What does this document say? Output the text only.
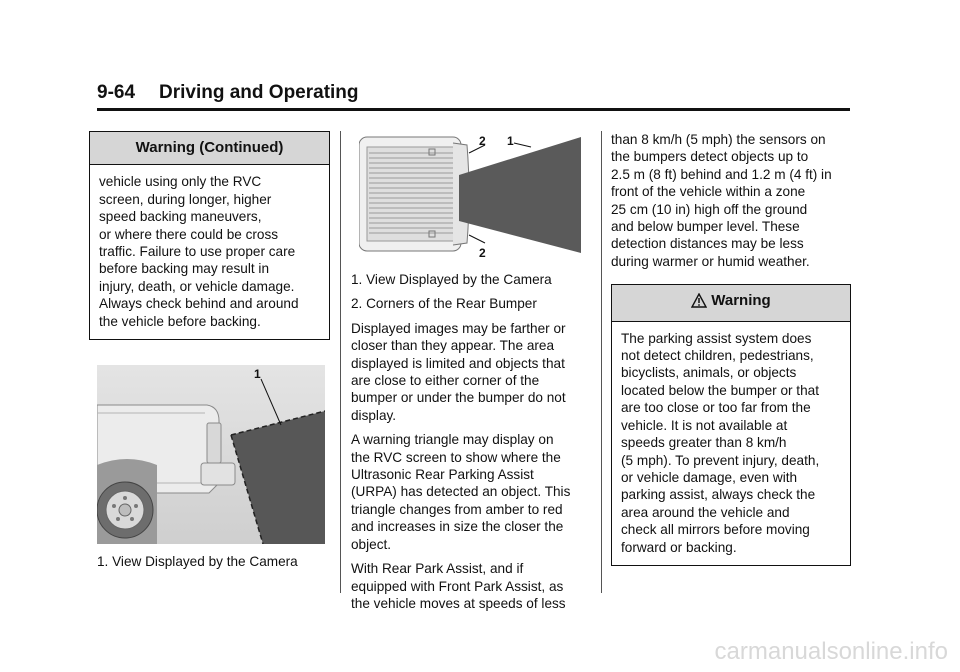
9-64 Driving and Operating
Warning (Continued)
vehicle using only the RVC
screen, during longer, higher
speed backing maneuvers,
or where there could be cross
traffic. Failure to use proper care
before backing may result in
injury, death, or vehicle damage.
Always check behind and around
the vehicle before backing.
1
1. View Displayed by the Camera
2 1
2
1. View Displayed by the Camera
2. Corners of the Rear Bumper
Displayed images may be farther or
closer than they appear. The area
displayed is limited and objects that
are close to either corner of the
bumper or under the bumper do not
display.
A warning triangle may display on
the RVC screen to show where the
Ultrasonic Rear Parking Assist
(URPA) has detected an object. This
triangle changes from amber to red
and increases in size the closer the
object.
With Rear Park Assist, and if
equipped with Front Park Assist, as
the vehicle moves at speeds of less
than 8 km/h (5 mph) the sensors on
the bumpers detect objects up to
2.5 m (8 ft) behind and 1.2 m (4 ft) in
front of the vehicle within a zone
25 cm (10 in) high off the ground
and below bumper level. These
detection distances may be less
during warmer or humid weather.
Warning
The parking assist system does
not detect children, pedestrians,
bicyclists, animals, or objects
located below the bumper or that
are too close or too far from the
vehicle. It is not available at
speeds greater than 8 km/h
(5 mph). To prevent injury, death,
or vehicle damage, even with
parking assist, always check the
area around the vehicle and
check all mirrors before moving
forward or backing.
carmanualsonline.info
